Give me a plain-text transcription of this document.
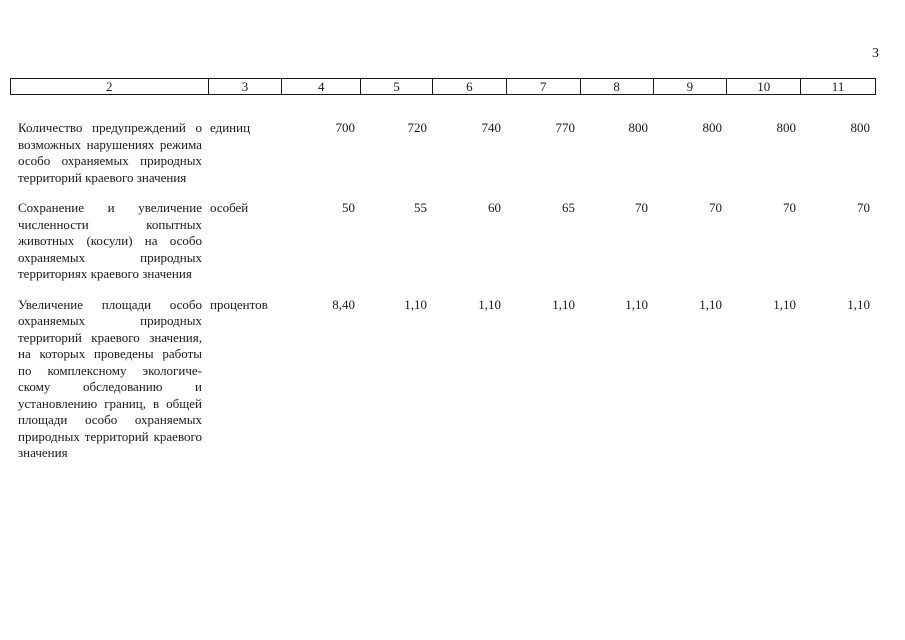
3
2	3	4	5	6	7	8	9	10	11
Количество предупреждений о возможных нарушениях режима особо охраняемых природных территорий краевого значения	единиц	700	720	740	770	800	800	800	800
Сохранение и увеличение численности копытных животных (косули) на особо охраняемых природных территориях краевого значения	особей	50	55	60	65	70	70	70	70
Увеличение площади особо охраняемых природных территорий краевого значения, на которых проведены работы по комплексному экологическому обследованию и установлению границ, в общей площади особо охраняемых природных территорий краевого значения	процентов	8,40	1,10	1,10	1,10	1,10	1,10	1,10	1,10
